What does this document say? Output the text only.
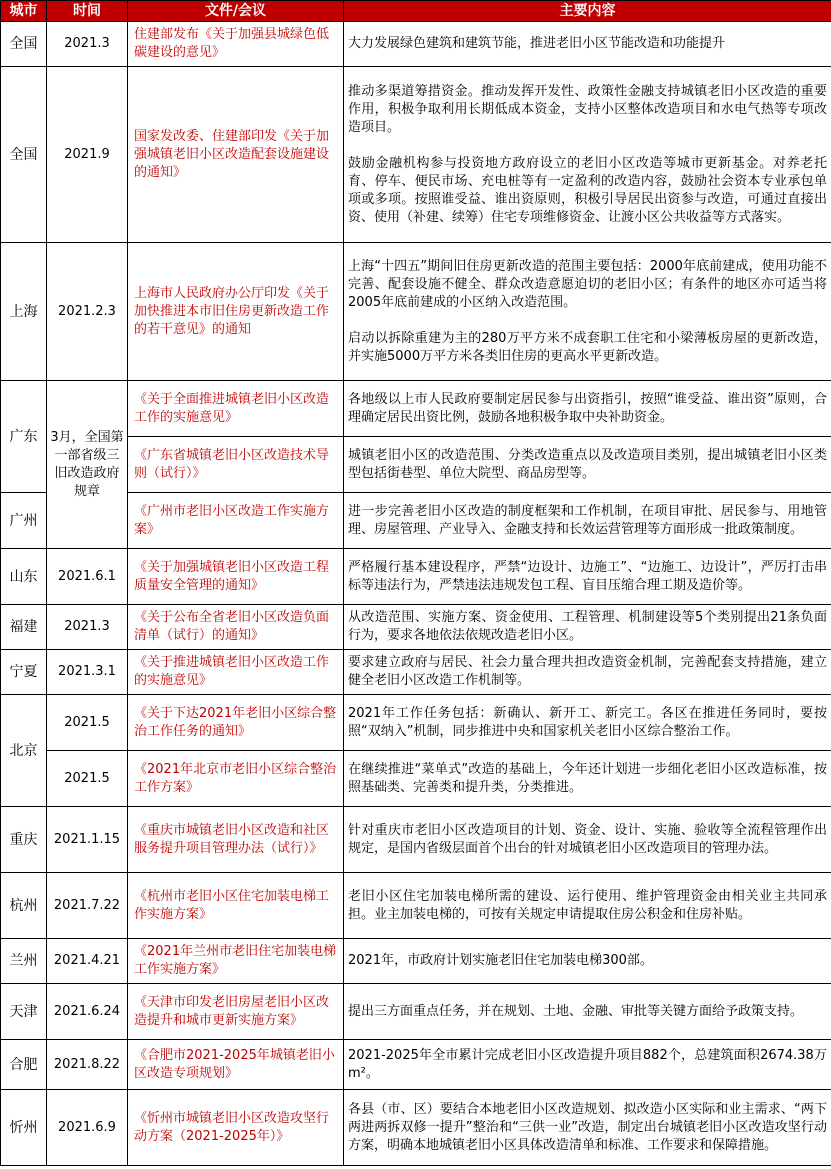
城市	时间	文件/会议	主要内容
全国	2021.3	住建部发布《关于加强县城绿色低碳建设的意见》	大力发展绿色建筑和建筑节能，推进老旧小区节能改造和功能提升

全国	2021.9	国家发改委、住建部印发《关于加强城镇老旧小区改造配套设施建设的通知》	推动多渠道筹措资金。推动发挥开发性、政策性金融支持城镇老旧小区改造的重要作用，积极争取利用长期低成本资金，支持小区整体改造项目和水电气热等专项改造项目。
鼓励金融机构参与投资地方政府设立的老旧小区改造等城市更新基金。对养老托育、停车、便民市场、充电桩等有一定盈利的改造内容，鼓励社会资本专业承包单项或多项。按照谁受益、谁出资原则，积极引导居民出资参与改造，可通过直接出资、使用（补建、续筹）住宅专项维修资金、让渡小区公共收益等方式落实。

上海	2021.2.3	上海市人民政府办公厅印发《关于加快推进本市旧住房更新改造工作的若干意见》的通知	上海“十四五”期间旧住房更新改造的范围主要包括：2000年底前建成，使用功能不完善、配套设施不健全、群众改造意愿迫切的老旧小区；有条件的地区亦可适当将2005年底前建成的小区纳入改造范围。
启动以拆除重建为主的280万平方米不成套职工住宅和小梁薄板房屋的更新改造，并实施5000万平方米各类旧住房的更高水平更新改造。

广东	3月，全国第一部省级三旧改造政府规章	《关于全面推进城镇老旧小区改造工作的实施意见》	各地级以上市人民政府要制定居民参与出资指引，按照“谁受益、谁出资”原则，合理确定居民出资比例，鼓励各地积极争取中央补助资金。

		《广东省城镇老旧小区改造技术导则（试行）》	城镇老旧小区的改造范围、分类改造重点以及改造项目类别，提出城镇老旧小区类型包括街巷型、单位大院型、商品房型等。

广州		《广州市老旧小区改造工作实施方案》	进一步完善老旧小区改造的制度框架和工作机制，在项目审批、居民参与、用地管理、房屋管理、产业导入、金融支持和长效运营管理等方面形成一批政策制度。

山东	2021.6.1	《关于加强城镇老旧小区改造工程质量安全管理的通知》	严格履行基本建设程序，严禁“边设计、边施工”、“边施工、边设计”，严厉打击串标等违法行为，严禁违法违规发包工程、盲目压缩合理工期及造价等。

福建	2021.3	《关于公布全省老旧小区改造负面清单（试行）的通知》	从改造范围、实施方案、资金使用、工程管理、机制建设等5个类别提出21条负面行为，要求各地依法依规改造老旧小区。

宁夏	2021.3.1	《关于推进城镇老旧小区改造工作的实施意见》	要求建立政府与居民、社会力量合理共担改造资金机制，完善配套支持措施，建立健全老旧小区改造工作机制等。

北京	2021.5	《关于下达2021年老旧小区综合整治工作任务的通知》	2021年工作任务包括：新确认、新开工、新完工。各区在推进任务同时，要按照“双纳入”机制，同步推进中央和国家机关老旧小区综合整治工作。

	2021.5	《2021年北京市老旧小区综合整治工作方案》	在继续推进“菜单式”改造的基础上，今年还计划进一步细化老旧小区改造标准，按照基础类、完善类和提升类，分类推进。

重庆	2021.1.15	《重庆市城镇老旧小区改造和社区服务提升项目管理办法（试行）》	针对重庆市老旧小区改造项目的计划、资金、设计、实施、验收等全流程管理作出规定，是国内省级层面首个出台的针对城镇老旧小区改造项目的管理办法。

杭州	2021.7.22	《杭州市老旧小区住宅加装电梯工作实施方案》	老旧小区住宅加装电梯所需的建设、运行使用、维护管理资金由相关业主共同承担。业主加装电梯的，可按有关规定申请提取住房公积金和住房补贴。

兰州	2021.4.21	《2021年兰州市老旧住宅加装电梯工作实施方案》	2021年，市政府计划实施老旧住宅加装电梯300部。

天津	2021.6.24	《天津市印发老旧房屋老旧小区改造提升和城市更新实施方案》	提出三方面重点任务，并在规划、土地、金融、审批等关键方面给予政策支持。

合肥	2021.8.22	《合肥市2021-2025年城镇老旧小区改造专项规划》	2021-2025年全市累计完成老旧小区改造提升项目882个，总建筑面积2674.38万m²。

忻州	2021.6.9	《忻州市城镇老旧小区改造攻坚行动方案（2021-2025年）》	各县（市、区）要结合本地老旧小区改造规划、拟改造小区实际和业主需求、“两下两进两拆双修一提升”整治和“三供一业”改造，制定出台城镇老旧小区改造攻坚行动方案，明确本地城镇老旧小区具体改造清单和标准、工作要求和保障措施。
